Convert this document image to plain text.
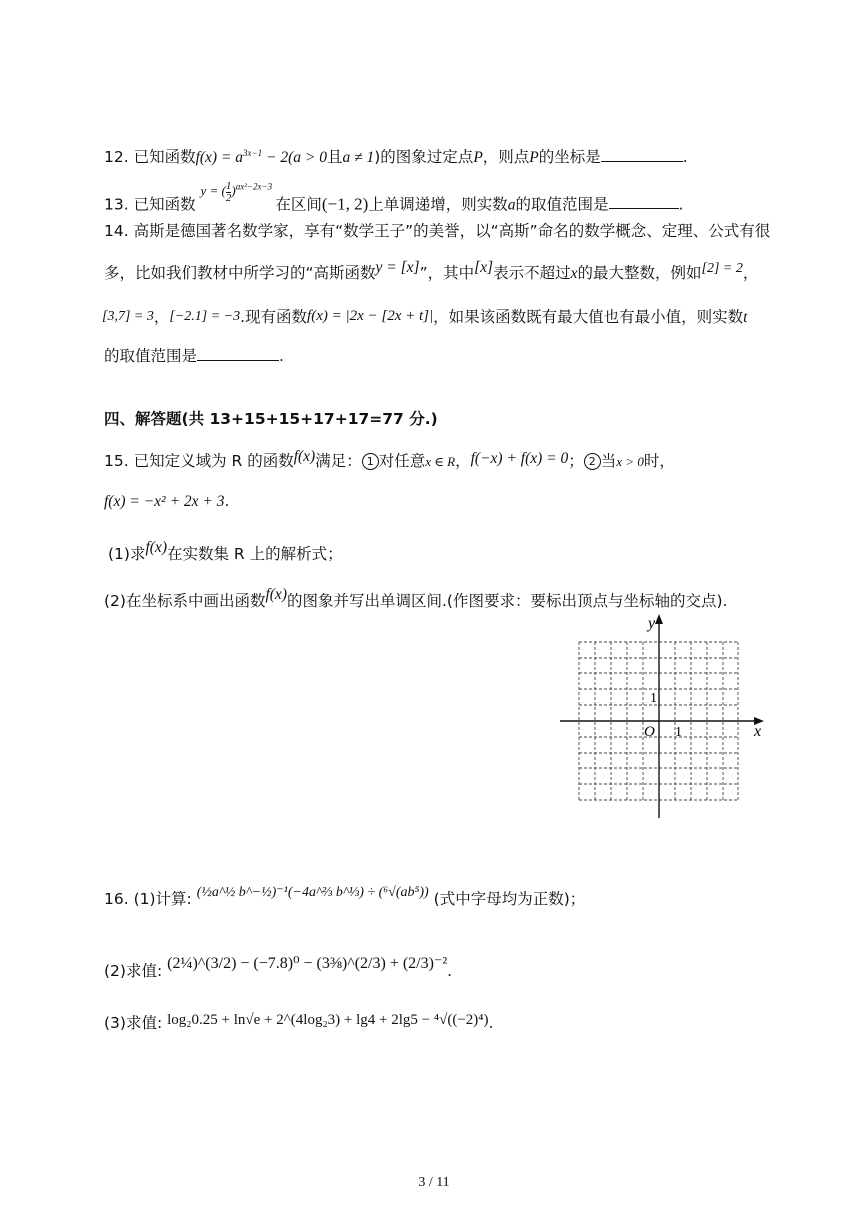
12. 已知函数$f(x) = a^{3x-1} - 2(a > 0$且a ≠ 1)的图象过定点P，则点P的坐标是	.
13. 已知函数 $^{y = ( \frac{1}{2} )^{ax^2-2x-3}}$ 在区间(−1, 2)上单调递增，则实数a的取值范围是	.
14. 高斯是德国著名数学家，享有“数学王子”的美誉，以“高斯”命名的数学概念、定理、公式有很
多，比如我们教材中所学习的“高斯函数y = [x]”，其中[x]表示不超过x的最大整数，例如[2] = 2，
[3,7] = 3，[−2.1] = −3.现有函数f(x) = |2x − [2x + t]|，如果该函数既有最大值也有最小值，则实数t
的取值范围是	.
四、解答题(共 13+15+15+17+17=77 分.)
15. 已知定义域为 R 的函数f(x)满足： 1 对任意x ∈ R，f(−x) + f(x) = 0； 2 当x > 0时，
f(x) = −x² + 2x + 3.
(1)求f(x)在实数集 R 上的解析式；
(2)在坐标系中画出函数f(x)的图象并写出单调区间.(作图要求：要标出顶点与坐标轴的交点).
y
x
O 1
1
16. (1)计算: (½a^½ b^−½)⁻¹(−4a^⅔ b^⅓) ÷ (⁶√(ab⁵)) (式中字母均为正数)；
(2)求值: (2¼)^(3/2) − (−7.8)⁰ − (3⅜)^(2/3) + (2/3)⁻².
(3)求值: log₂0.25 + ln√e + 2^(4log₂3) + lg4 + 2lg5 − ⁴√((−2)⁴).
3 / 11
